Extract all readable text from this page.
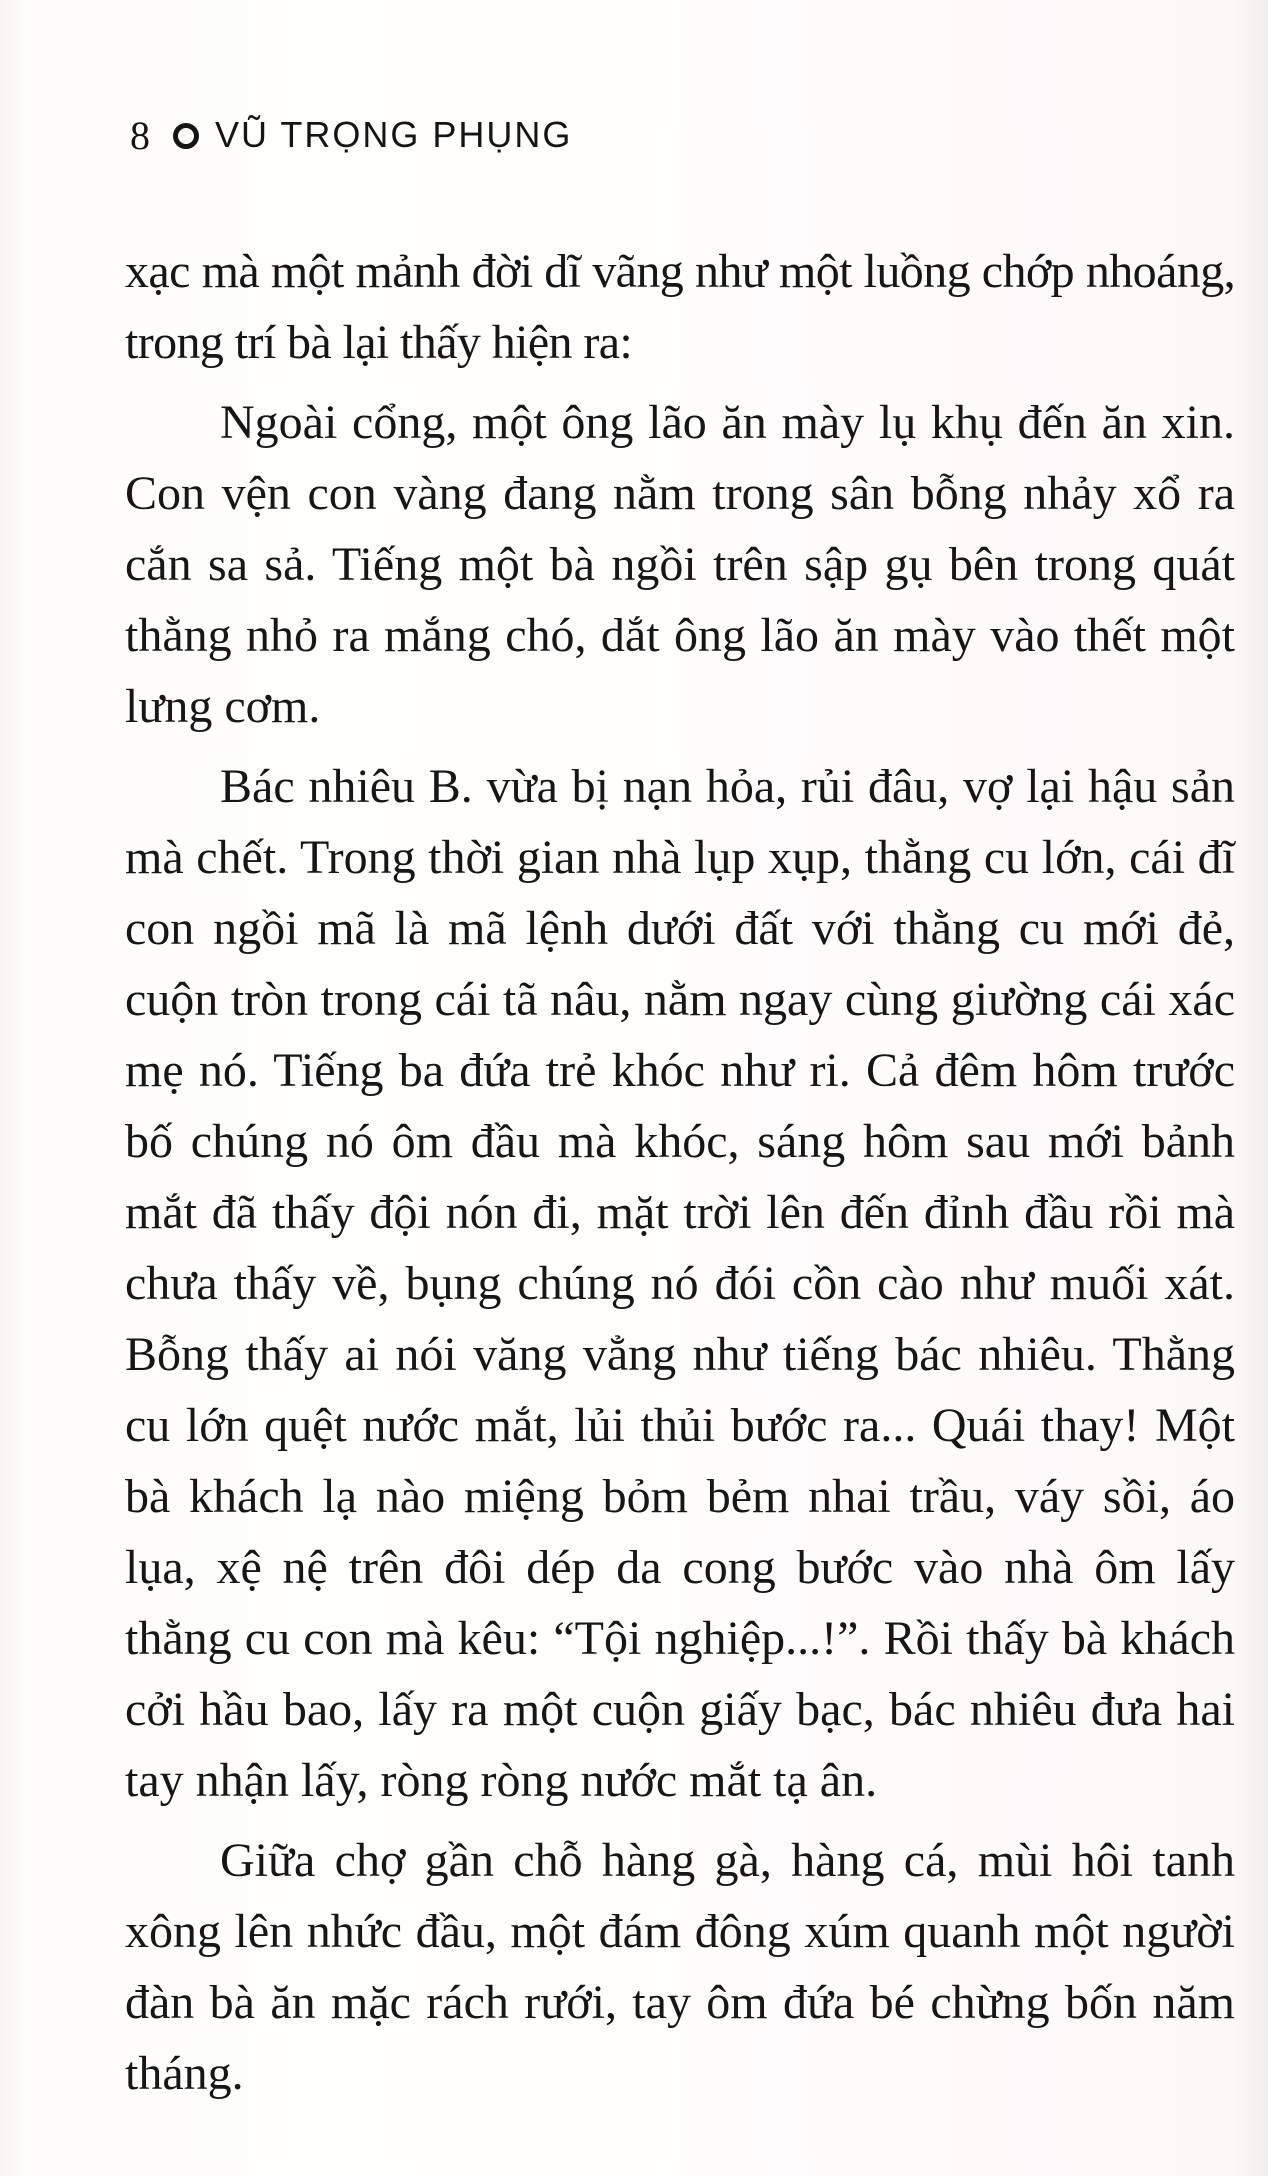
8 VŨ TRỌNG PHỤNG

xạc mà một mảnh đời dĩ vãng như một luồng chớp nhoáng, trong trí bà lại thấy hiện ra:

Ngoài cổng, một ông lão ăn mày lụ khụ đến ăn xin. Con vện con vàng đang nằm trong sân bỗng nhảy xổ ra cắn sa sả. Tiếng một bà ngồi trên sập gụ bên trong quát thằng nhỏ ra mắng chó, dắt ông lão ăn mày vào thết một lưng cơm.

Bác nhiêu B. vừa bị nạn hỏa, rủi đâu, vợ lại hậu sản mà chết. Trong thời gian nhà lụp xụp, thằng cu lớn, cái đĩ con ngồi mã là mã lệnh dưới đất với thằng cu mới đẻ, cuộn tròn trong cái tã nâu, nằm ngay cùng giường cái xác mẹ nó. Tiếng ba đứa trẻ khóc như ri. Cả đêm hôm trước bố chúng nó ôm đầu mà khóc, sáng hôm sau mới bảnh mắt đã thấy đội nón đi, mặt trời lên đến đỉnh đầu rồi mà chưa thấy về, bụng chúng nó đói cồn cào như muối xát. Bỗng thấy ai nói văng vẳng như tiếng bác nhiêu. Thằng cu lớn quệt nước mắt, lủi thủi bước ra... Quái thay! Một bà khách lạ nào miệng bỏm bẻm nhai trầu, váy sồi, áo lụa, xệ nệ trên đôi dép da cong bước vào nhà ôm lấy thằng cu con mà kêu: “Tội nghiệp...!”. Rồi thấy bà khách cởi hầu bao, lấy ra một cuộn giấy bạc, bác nhiêu đưa hai tay nhận lấy, ròng ròng nước mắt tạ ân.

Giữa chợ gần chỗ hàng gà, hàng cá, mùi hôi tanh xông lên nhức đầu, một đám đông xúm quanh một người đàn bà ăn mặc rách rưới, tay ôm đứa bé chừng bốn năm tháng.
